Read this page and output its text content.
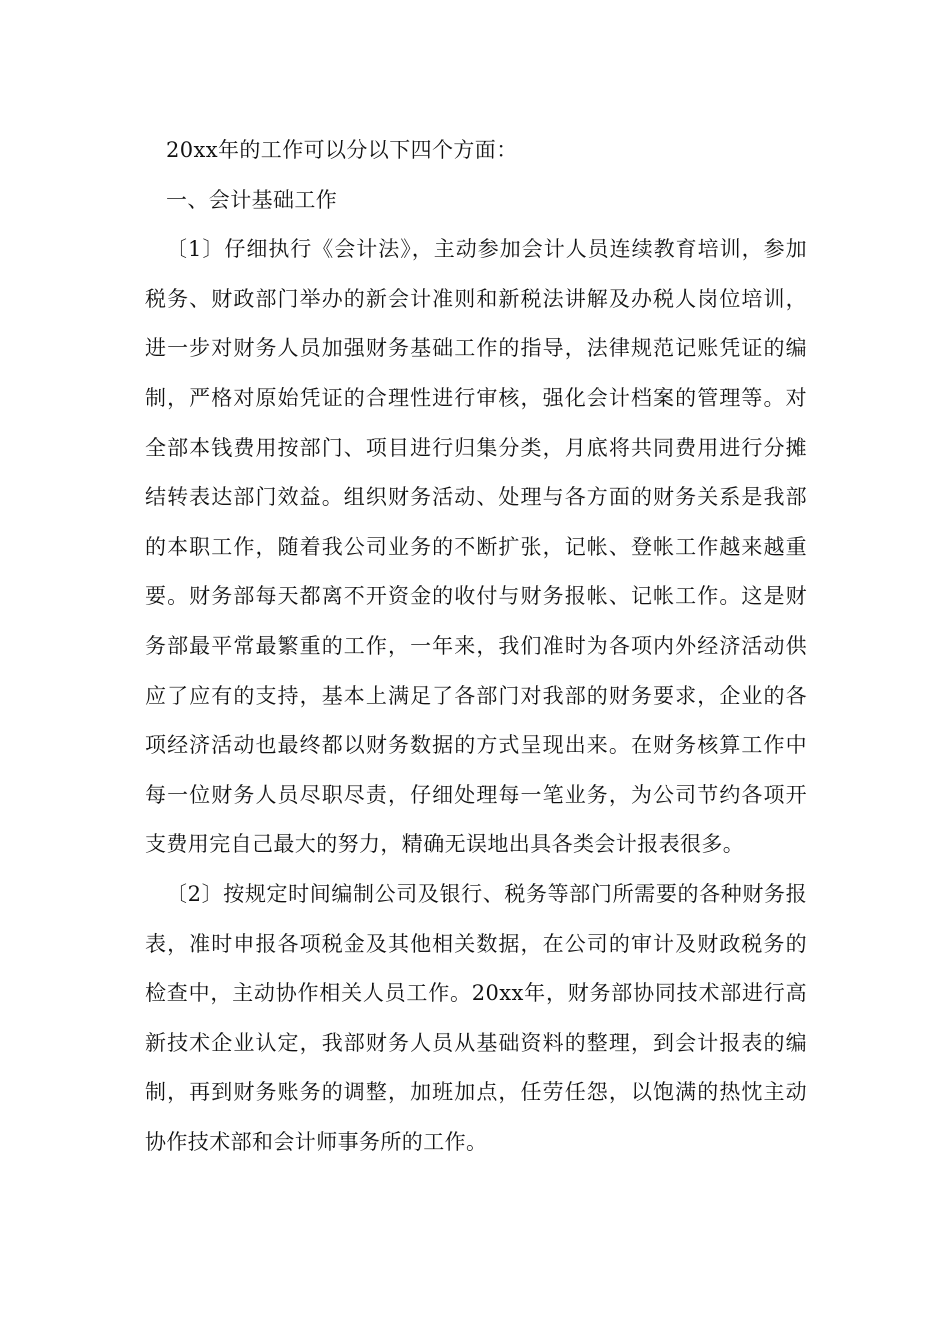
20xx年的工作可以分以下四个方面：

一、会计基础工作

〔1〕仔细执行《会计法》，主动参加会计人员连续教育培训，参加税务、财政部门举办的新会计准则和新税法讲解及办税人岗位培训，进一步对财务人员加强财务基础工作的指导，法律规范记账凭证的编制，严格对原始凭证的合理性进行审核，强化会计档案的管理等。对全部本钱费用按部门、项目进行归集分类，月底将共同费用进行分摊结转表达部门效益。组织财务活动、处理与各方面的财务关系是我部的本职工作，随着我公司业务的不断扩张，记帐、登帐工作越来越重要。财务部每天都离不开资金的收付与财务报帐、记帐工作。这是财务部最平常最繁重的工作，一年来，我们准时为各项内外经济活动供应了应有的支持，基本上满足了各部门对我部的财务要求，企业的各项经济活动也最终都以财务数据的方式呈现出来。在财务核算工作中每一位财务人员尽职尽责，仔细处理每一笔业务，为公司节约各项开支费用完自己最大的努力，精确无误地出具各类会计报表很多。

〔2〕按规定时间编制公司及银行、税务等部门所需要的各种财务报表，准时申报各项税金及其他相关数据，在公司的审计及财政税务的检查中，主动协作相关人员工作。20xx年，财务部协同技术部进行高新技术企业认定，我部财务人员从基础资料的整理，到会计报表的编制，再到财务账务的调整，加班加点，任劳任怨，以饱满的热忱主动协作技术部和会计师事务所的工作。
